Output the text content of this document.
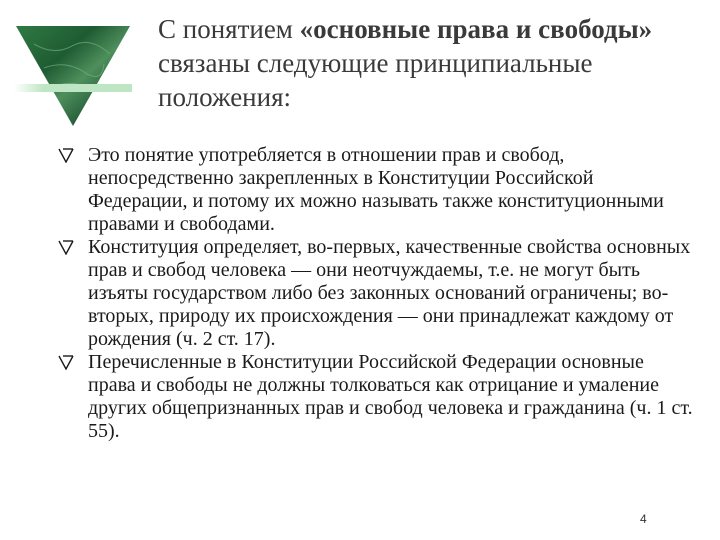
С понятием «основные права и свободы» связаны следующие принципиальные положения:
Это понятие употребляется в отношении прав и свобод, непосредственно закрепленных в Конституции Российской Федерации, и потому их можно называть также конституционными правами и свободами.
Конституция определяет, во-первых, качественные свойства основных прав и свобод человека — они неотчуждаемы, т.е. не могут быть изъяты государством либо без законных оснований ограничены; во-вторых, природу их происхождения — они принадлежат каждому от рождения (ч. 2 ст. 17).
Перечисленные в Конституции Российской Федерации основные права и свободы не должны толковаться как отрицание и умаление других общепризнанных прав и свобод человека и гражданина (ч. 1 ст. 55).
4
